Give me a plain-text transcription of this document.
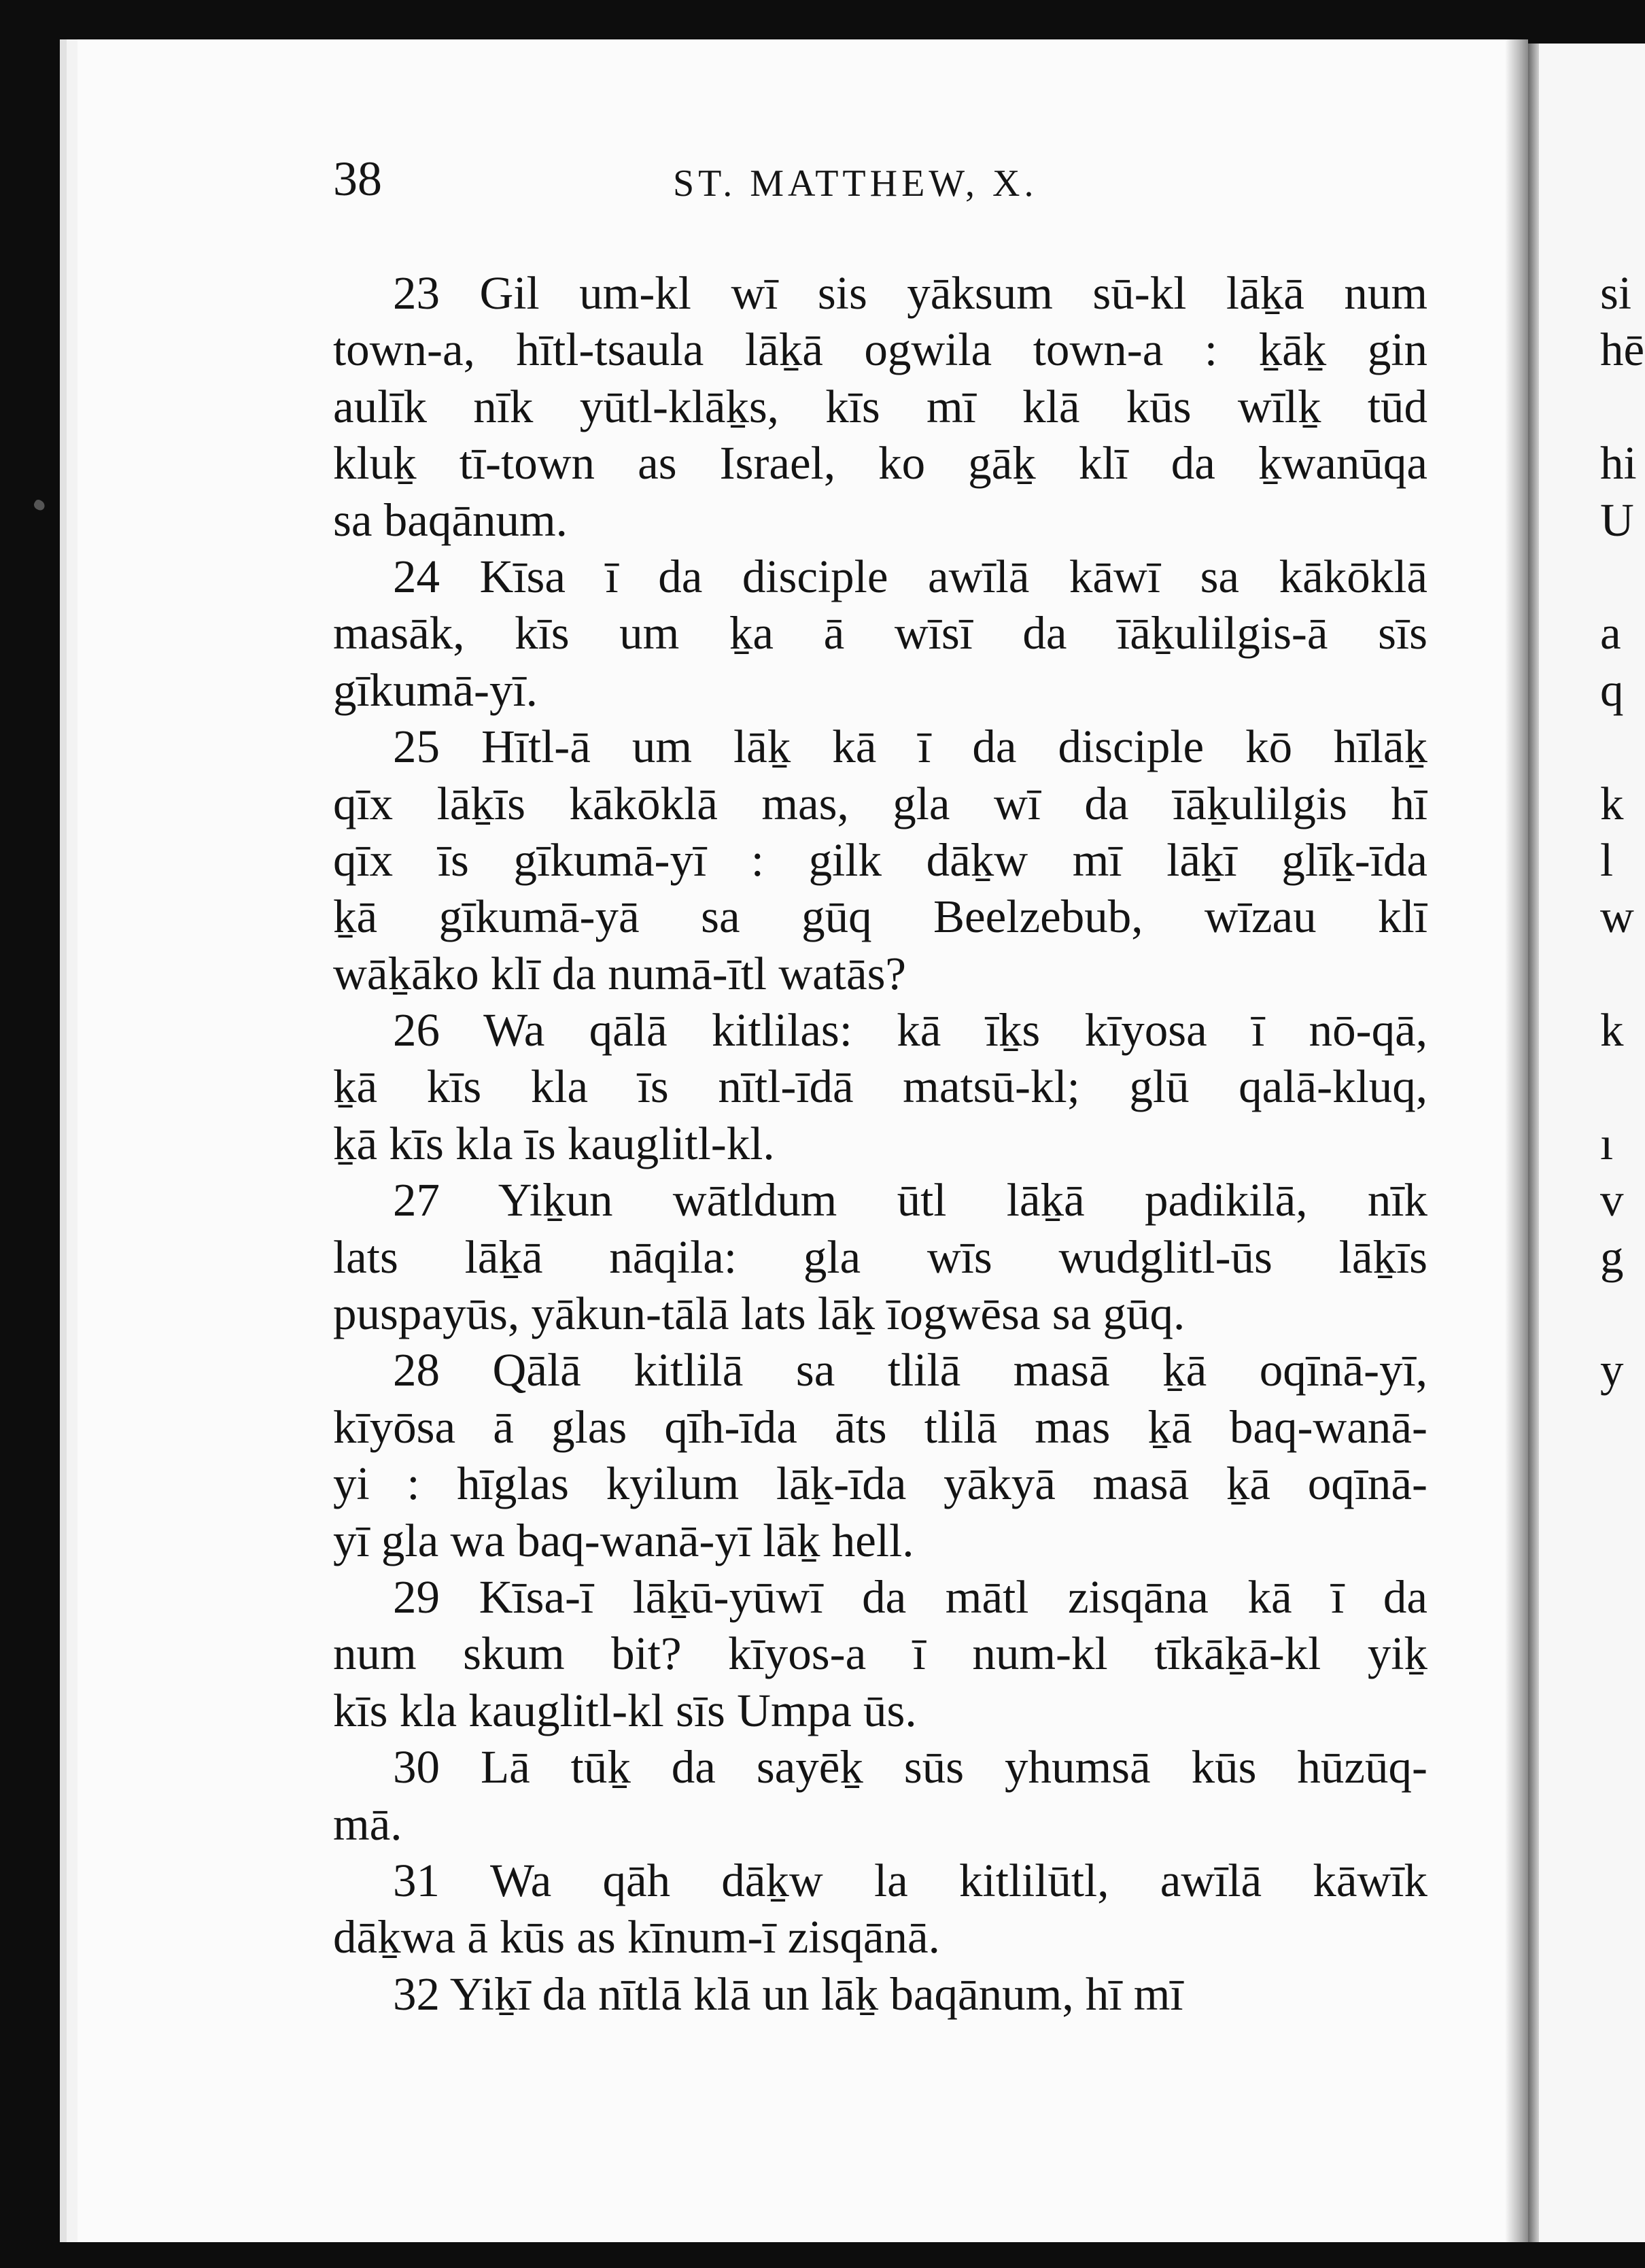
38	ST. MATTHEW, X.
23 Gil um-kl wī sis yāksum sū-kl lāḵā num
town-a, hītl-tsaula lāḵā ogwila town-a : ḵāḵ gin
aulīk nīk yūtl-klāḵs, kīs mī klā kūs wīlḵ tūd
kluḵ tī-town as Israel, ko gāḵ klī da ḵwanūqa
sa baqānum.
24 Kīsa ī da disciple awīlā kāwī sa kākōklā
masāk, kīs um ḵa ā wīsī da īāḵulilgis-ā sīs
gīkumā-yī.
25 Hītl-ā um lāḵ kā ī da disciple kō hīlāḵ
qīx lāḵīs kākōklā mas, gla wī da īāḵulilgis hī
qīx īs gīkumā-yī : gilk dāḵw mī lāḵī glīḵ-īda
ḵā gīkumā-yā sa gūq Beelzebub, wīzau klī
wāḵāko klī da numā-ītl watās?
26 Wa qālā kitlilas: kā īḵs kīyosa ī nō-qā,
ḵā kīs kla īs nītl-īdā matsū-kl; glū qalā-kluq,
ḵā kīs kla īs kauglitl-kl.
27 Yiḵun wātldum ūtl lāḵā padikilā, nīk
lats lāḵā nāqila: gla wīs wudglitl-ūs lāḵīs
puspayūs, yākun-tālā lats lāḵ īogwēsa sa gūq.
28 Qālā kitlilā sa tlilā masā ḵā oqīnā-yī,
kīyōsa ā glas qīh-īda āts tlilā mas ḵā baq-wanā-
yi : hīglas kyilum lāḵ-īda yākyā masā ḵā oqīnā-
yī gla wa baq-wanā-yī lāḵ hell.
29 Kīsa-ī lāḵū-yūwī da mātl zisqāna kā ī da
num skum bit? kīyos-a ī num-kl tīkāḵā-kl yiḵ
kīs kla kauglitl-kl sīs Umpa ūs.
30 Lā tūḵ da sayēḵ sūs yhumsā kūs hūzūq-
mā.
31 Wa qāh dāḵw la kitlilūtl, awīlā kāwīk
dāḵwa ā kūs as kīnum-ī zisqānā.
32 Yiḵī da nītlā klā un lāḵ baqānum, hī mī
si
hē
hi
U
a
q
k
l
w
k
ı
v
g
y
